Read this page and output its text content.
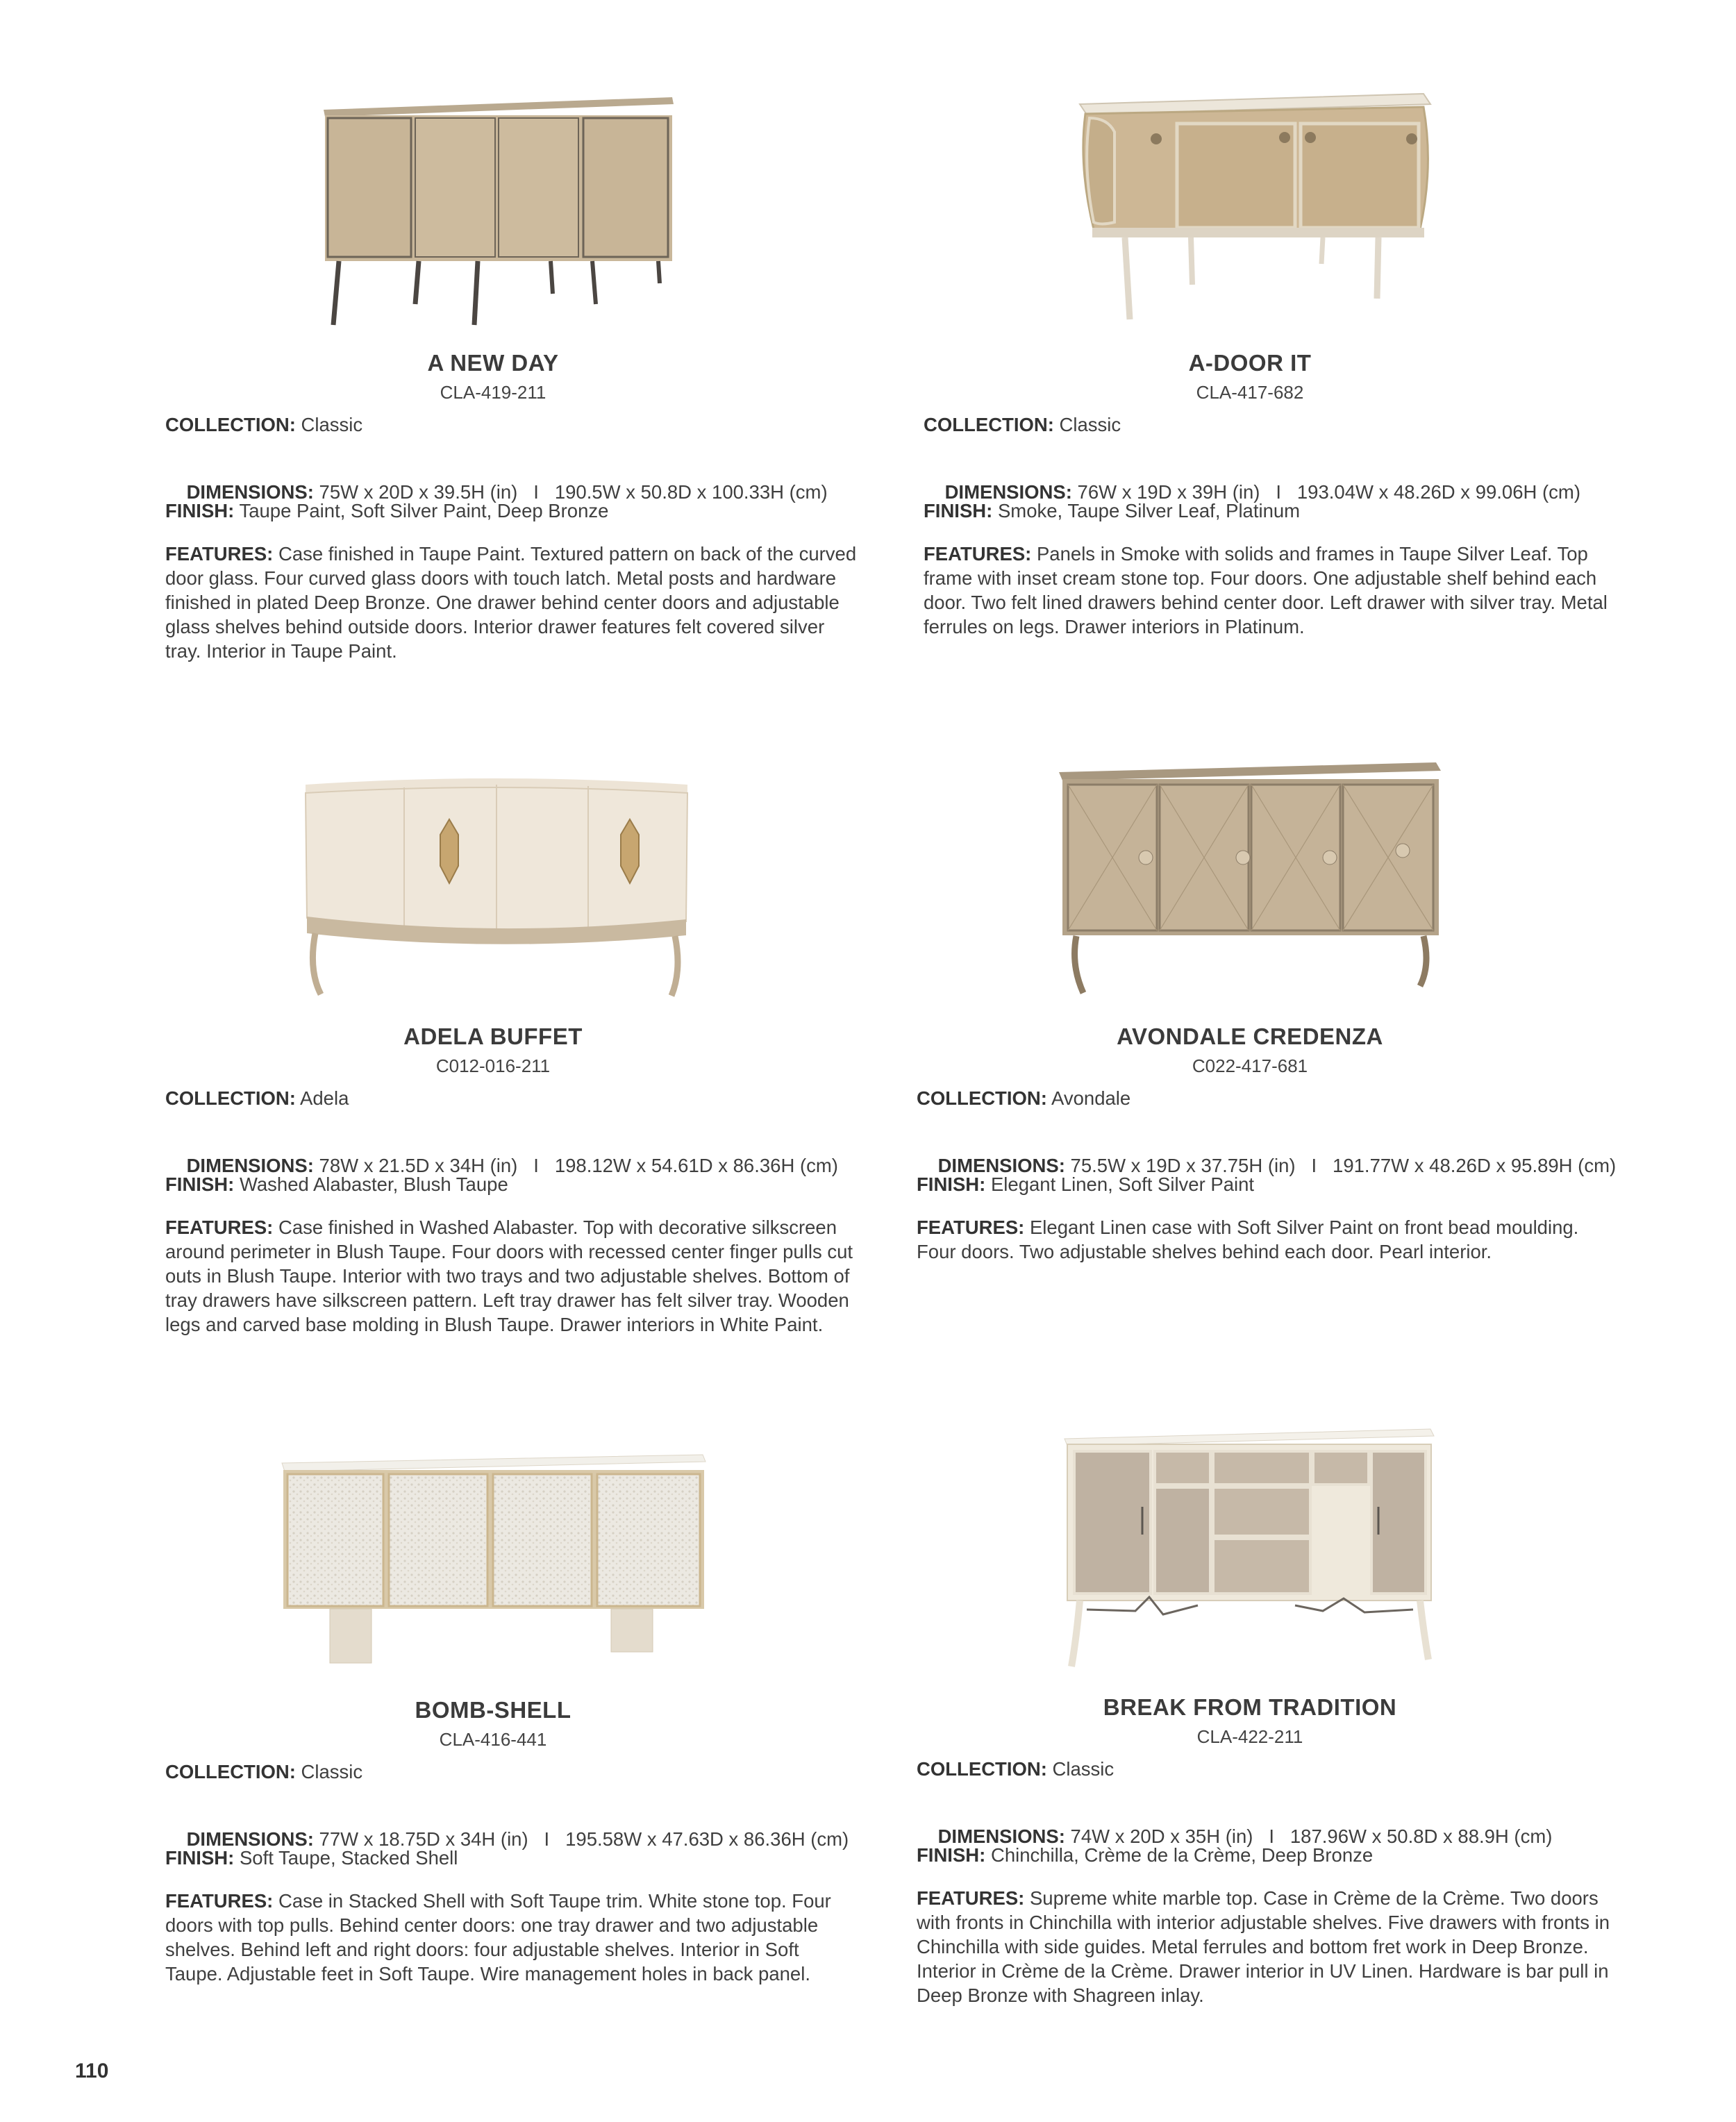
A NEW DAY
CLA-419-211
COLLECTION: Classic

DIMENSIONS: 75W x 20D x 39.5H (in)   I   190.5W x 50.8D x 100.33H (cm)

FINISH: Taupe Paint, Soft Silver Paint, Deep Bronze
FEATURES: Case finished in Taupe Paint. Textured pattern on back of the curved door glass. Four curved glass doors with touch latch. Metal posts and hardware finished in plated Deep Bronze. One drawer behind center doors and adjustable glass shelves behind outside doors. Interior drawer features felt covered silver tray. Interior in Taupe Paint.
A-DOOR IT
CLA-417-682
COLLECTION: Classic

DIMENSIONS: 76W x 19D x 39H (in)   I   193.04W x 48.26D x 99.06H (cm)

FINISH: Smoke, Taupe Silver Leaf, Platinum
FEATURES: Panels in Smoke with solids and frames in Taupe Silver Leaf. Top frame with inset cream stone top. Four doors. One adjustable shelf behind each door. Two felt lined drawers behind center door. Left drawer with silver tray. Metal ferrules on legs. Drawer interiors in Platinum.
ADELA BUFFET
C012-016-211
COLLECTION: Adela

DIMENSIONS: 78W x 21.5D x 34H (in)   I   198.12W x 54.61D x 86.36H (cm)

FINISH: Washed Alabaster, Blush Taupe
FEATURES: Case finished in Washed Alabaster. Top with decorative silkscreen around perimeter in Blush Taupe. Four doors with recessed center finger pulls cut outs in Blush Taupe. Interior with two trays and two adjustable shelves. Bottom of tray drawers have silkscreen pattern. Left tray drawer has felt silver tray. Wooden legs and carved base molding in Blush Taupe. Drawer interiors in White Paint.
AVONDALE CREDENZA
C022-417-681
COLLECTION: Avondale

DIMENSIONS: 75.5W x 19D x 37.75H (in)   I   191.77W x 48.26D x 95.89H (cm)

FINISH: Elegant Linen, Soft Silver Paint
FEATURES: Elegant Linen case with Soft Silver Paint on front bead moulding. Four doors. Two adjustable shelves behind each door. Pearl interior.
BOMB-SHELL
CLA-416-441
COLLECTION: Classic

DIMENSIONS: 77W x 18.75D x 34H (in)   I   195.58W x 47.63D x 86.36H (cm)

FINISH: Soft Taupe, Stacked Shell
FEATURES: Case in Stacked Shell with Soft Taupe trim. White stone top. Four doors with top pulls. Behind center doors: one tray drawer and two adjustable shelves. Behind left and right doors: four adjustable shelves. Interior in Soft Taupe. Adjustable feet in Soft Taupe. Wire management holes in back panel.
BREAK FROM TRADITION
CLA-422-211
COLLECTION: Classic

DIMENSIONS: 74W x 20D x 35H (in)   I   187.96W x 50.8D x 88.9H (cm)

FINISH: Chinchilla, Crème de la Crème, Deep Bronze
FEATURES: Supreme white marble top. Case in Crème de la Crème. Two doors with fronts in Chinchilla with interior adjustable shelves. Five drawers with fronts in Chinchilla with side guides. Metal ferrules and bottom fret work in Deep Bronze. Interior in Crème de la Crème. Drawer interior in UV Linen. Hardware is bar pull in Deep Bronze with Shagreen inlay.
110
